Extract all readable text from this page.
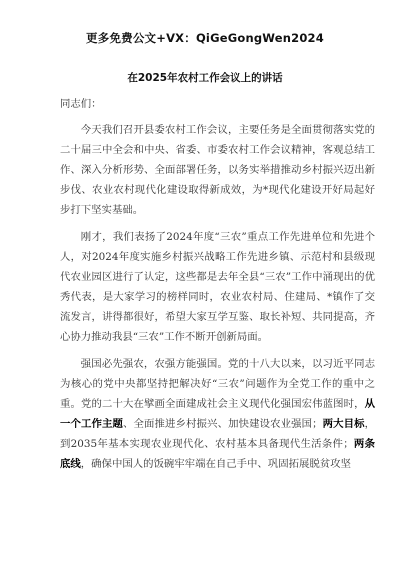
更多免费公文+VX：QiGeGongWen2024
在2025年农村工作会议上的讲话

同志们：

今天我们召开县委农村工作会议，主要任务是全面贯彻落实党的二十届三中全会和中央、省委、市委农村工作会议精神，客观总结工作、深入分析形势、全面部署任务，以务实举措推动乡村振兴迈出新步伐、农业农村现代化建设取得新成效，为*现代化建设开好局起好步打下坚实基础。

刚才，我们表扬了2024年度“三农”重点工作先进单位和先进个人，对2024年度实施乡村振兴战略工作先进乡镇、示范村和县级现代农业园区进行了认定，这些都是去年全县“三农”工作中涌现出的优秀代表，是大家学习的榜样同时，农业农村局、住建局、*镇作了交流发言，讲得都很好，希望大家互学互鉴、取长补短、共同提高，齐心协力推动我县“三农”工作不断开创新局面。

强国必先强农，农强方能强国。党的十八大以来，以习近平同志为核心的党中央都坚持把解决好“三农”问题作为全党工作的重中之重。党的二十大在擘画全面建成社会主义现代化强国宏伟蓝图时，从一个工作主题、全面推进乡村振兴、加快建设农业强国；两大目标，到2035年基本实现农业现代化、农村基本具备现代生活条件；两条底线，确保中国人的饭碗牢牢端在自己手中、巩固拓展脱贫攻坚
